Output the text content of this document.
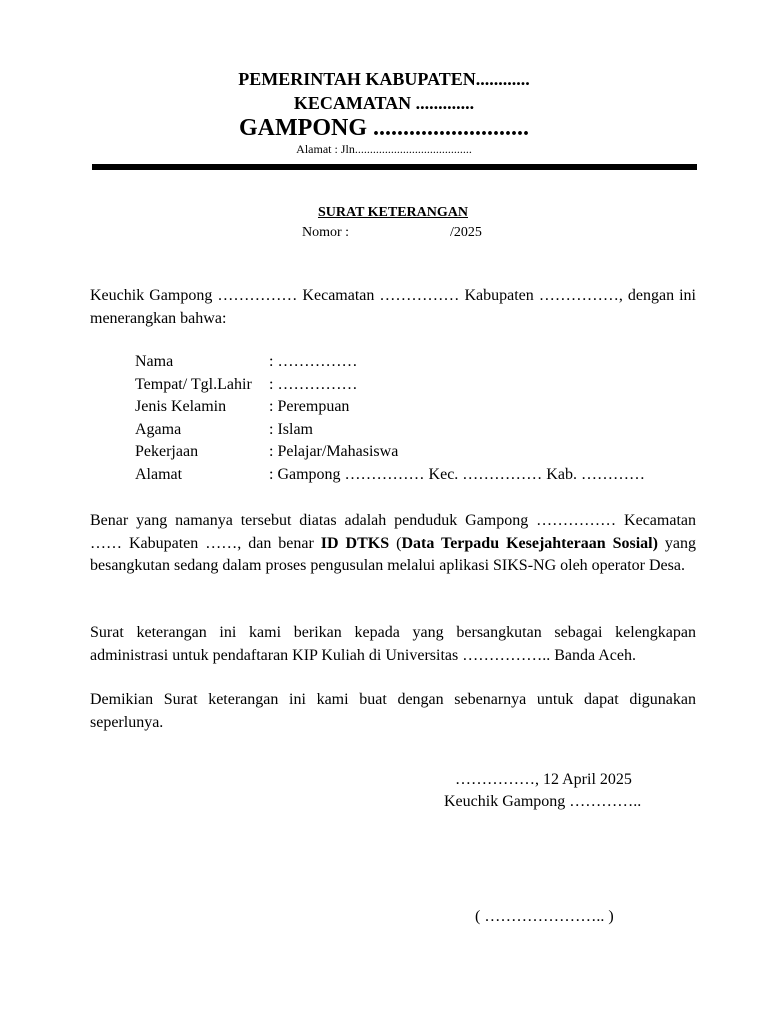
PEMERINTAH KABUPATEN............
KECAMATAN .............
GAMPONG ..........................
Alamat : Jln.......................................
SURAT KETERANGAN
Nomor :	/2025
Keuchik Gampong …………… Kecamatan …………… Kabupaten ……………, dengan ini menerangkan bahwa:
Nama	: ……………
Tempat/ Tgl.Lahir : ……………
Jenis Kelamin	: Perempuan
Agama	: Islam
Pekerjaan	: Pelajar/Mahasiswa
Alamat	: Gampong …………… Kec. …………… Kab. …………
Benar yang namanya tersebut diatas adalah penduduk Gampong …………… Kecamatan …… Kabupaten ……, dan benar ID DTKS (Data Terpadu Kesejahteraan Sosial) yang besangkutan sedang dalam proses pengusulan melalui aplikasi SIKS-NG oleh operator Desa.
Surat keterangan ini kami berikan kepada yang bersangkutan sebagai kelengkapan administrasi untuk pendaftaran KIP Kuliah di Universitas …………….. Banda Aceh.
Demikian Surat keterangan ini kami buat dengan sebenarnya untuk dapat digunakan seperlunya.
……………, 12 April 2025
Keuchik Gampong …………..
( ………………….. )
